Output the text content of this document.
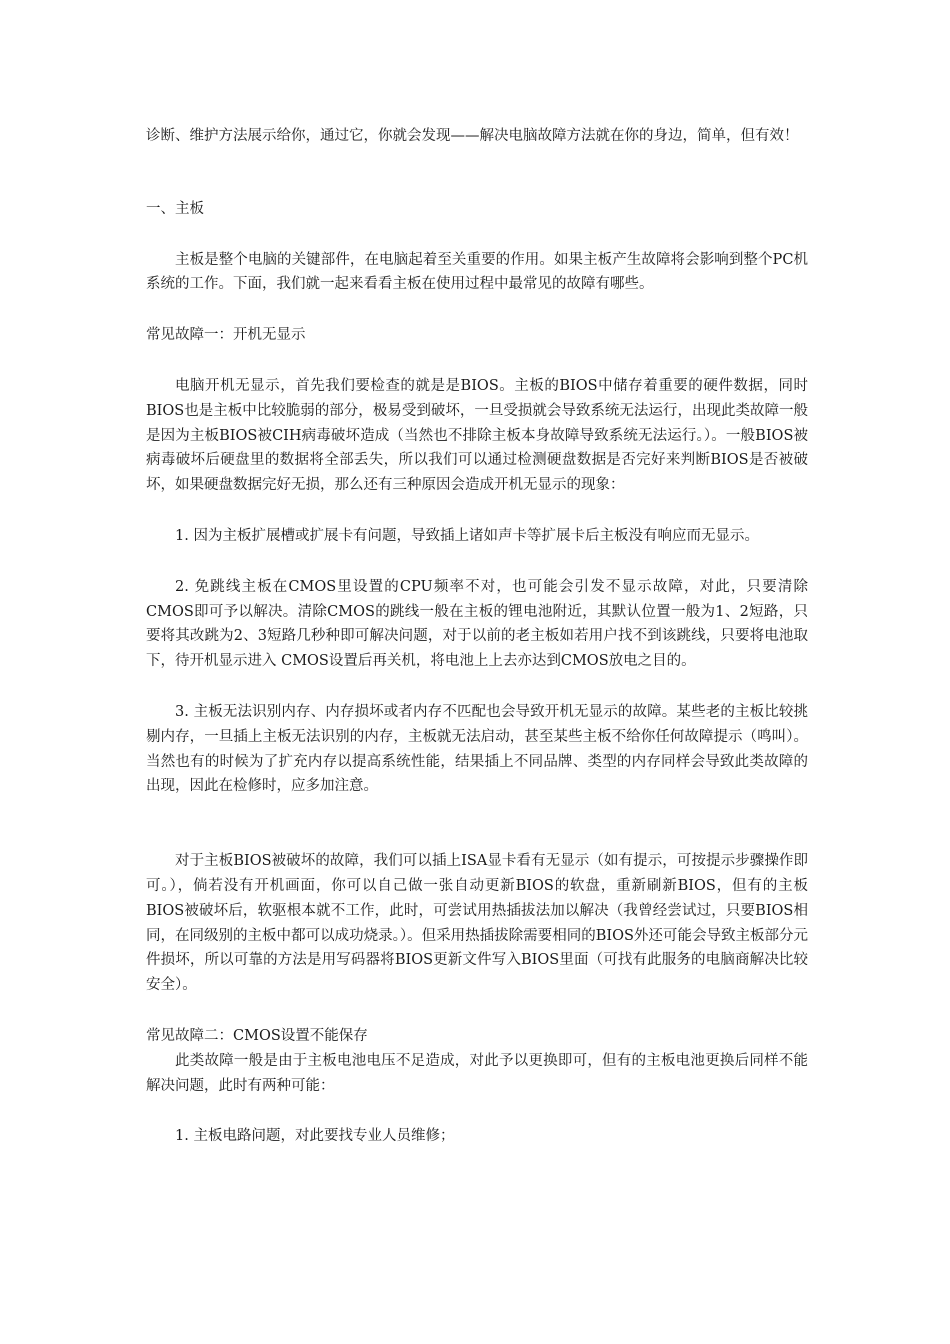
诊断、维护方法展示给你，通过它，你就会发现——解决电脑故障方法就在你的身边，简单，但有效！

一、主板

主板是整个电脑的关键部件，在电脑起着至关重要的作用。如果主板产生故障将会影响到整个PC机系统的工作。下面，我们就一起来看看主板在使用过程中最常见的故障有哪些。

常见故障一：开机无显示

电脑开机无显示，首先我们要检查的就是是BIOS。主板的BIOS中储存着重要的硬件数据，同时BIOS也是主板中比较脆弱的部分，极易受到破坏，一旦受损就会导致系统无法运行，出现此类故障一般是因为主板BIOS被CIH病毒破坏造成（当然也不排除主板本身故障导致系统无法运行。）。一般BIOS被病毒破坏后硬盘里的数据将全部丢失，所以我们可以通过检测硬盘数据是否完好来判断BIOS是否被破坏，如果硬盘数据完好无损，那么还有三种原因会造成开机无显示的现象：

1. 因为主板扩展槽或扩展卡有问题，导致插上诸如声卡等扩展卡后主板没有响应而无显示。

2. 免跳线主板在CMOS里设置的CPU频率不对，也可能会引发不显示故障，对此，只要清除CMOS即可予以解决。清除CMOS的跳线一般在主板的锂电池附近，其默认位置一般为1、2短路，只要将其改跳为2、3短路几秒种即可解决问题，对于以前的老主板如若用户找不到该跳线，只要将电池取下，待开机显示进入 CMOS设置后再关机，将电池上上去亦达到CMOS放电之目的。

3. 主板无法识别内存、内存损坏或者内存不匹配也会导致开机无显示的故障。某些老的主板比较挑剔内存，一旦插上主板无法识别的内存，主板就无法启动，甚至某些主板不给你任何故障提示（鸣叫）。当然也有的时候为了扩充内存以提高系统性能，结果插上不同品牌、类型的内存同样会导致此类故障的出现，因此在检修时，应多加注意。

对于主板BIOS被破坏的故障，我们可以插上ISA显卡看有无显示（如有提示，可按提示步骤操作即可。），倘若没有开机画面，你可以自己做一张自动更新BIOS的软盘，重新刷新BIOS，但有的主板BIOS被破坏后，软驱根本就不工作，此时，可尝试用热插拔法加以解决（我曾经尝试过，只要BIOS相同，在同级别的主板中都可以成功烧录。）。但采用热插拔除需要相同的BIOS外还可能会导致主板部分元件损坏，所以可靠的方法是用写码器将BIOS更新文件写入BIOS里面（可找有此服务的电脑商解决比较安全）。

常见故障二：CMOS设置不能保存

此类故障一般是由于主板电池电压不足造成，对此予以更换即可，但有的主板电池更换后同样不能解决问题，此时有两种可能：

1. 主板电路问题，对此要找专业人员维修；
